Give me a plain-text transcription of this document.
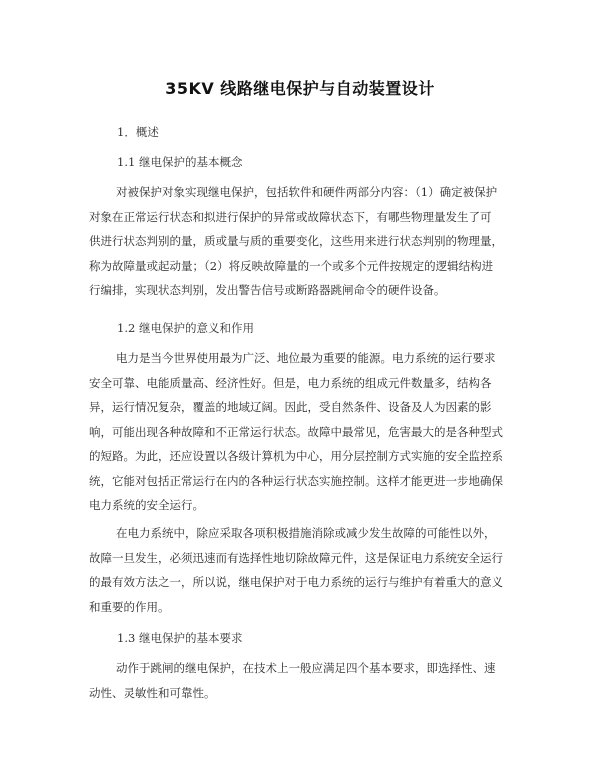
35KV 线路继电保护与自动装置设计
1．概述
1.1 继电保护的基本概念
对被保护对象实现继电保护，包括软件和硬件两部分内容：（1）确定被保护
对象在正常运行状态和拟进行保护的异常或故障状态下，有哪些物理量发生了可
供进行状态判别的量，质或量与质的重要变化，这些用来进行状态判别的物理量，
称为故障量或起动量；（2）将反映故障量的一个或多个元件按规定的逻辑结构进
行编排，实现状态判别，发出警告信号或断路器跳闸命令的硬件设备。
1.2 继电保护的意义和作用
电力是当今世界使用最为广泛、地位最为重要的能源。电力系统的运行要求
安全可靠、电能质量高、经济性好。但是，电力系统的组成元件数量多，结构各
异，运行情况复杂，覆盖的地域辽阔。因此，受自然条件、设备及人为因素的影
响，可能出现各种故障和不正常运行状态。故障中最常见，危害最大的是各种型式
的短路。为此，还应设置以各级计算机为中心，用分层控制方式实施的安全监控系
统，它能对包括正常运行在内的各种运行状态实施控制。这样才能更进一步地确保
电力系统的安全运行。
在电力系统中，除应采取各项积极措施消除或减少发生故障的可能性以外，
故障一旦发生，必须迅速而有选择性地切除故障元件，这是保证电力系统安全运行
的最有效方法之一，所以说，继电保护对于电力系统的运行与维护有着重大的意义
和重要的作用。
1.3 继电保护的基本要求
动作于跳闸的继电保护，在技术上一般应满足四个基本要求，即选择性、速
动性、灵敏性和可靠性。
